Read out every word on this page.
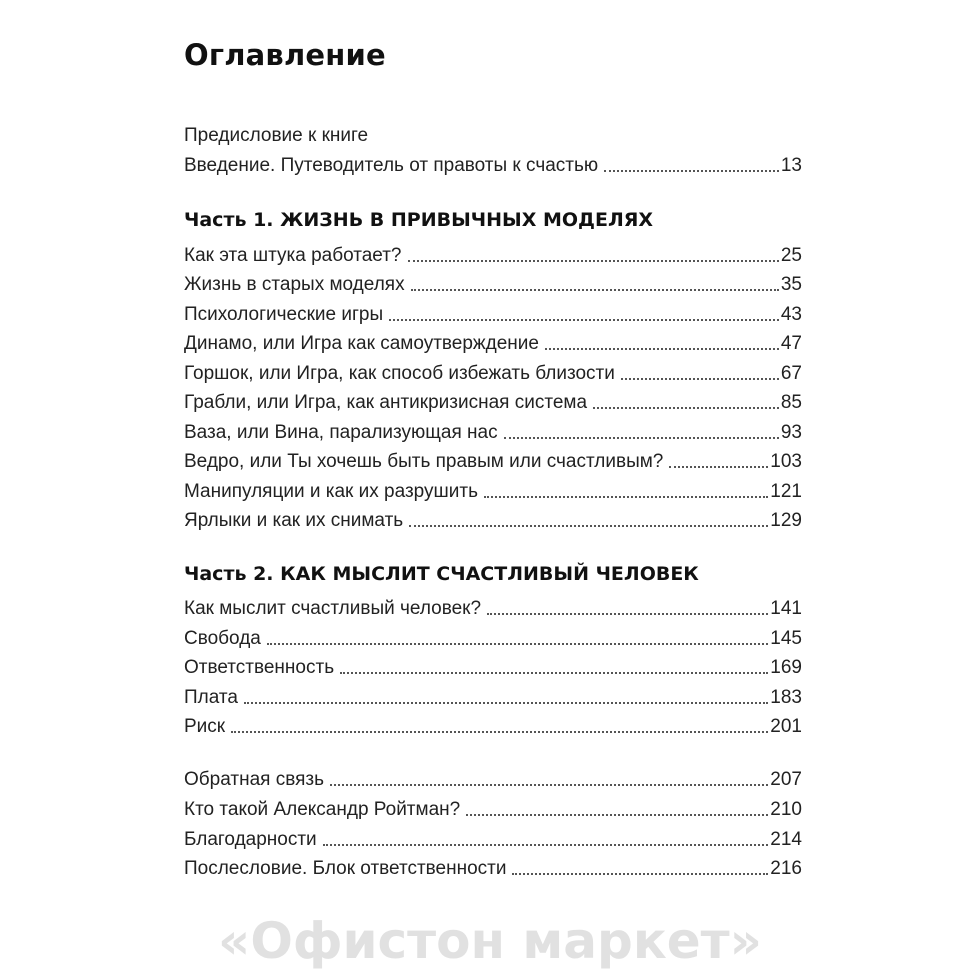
Оглавление
Предисловие к книге
Введение. Путеводитель от правоты к счастью	13
Часть 1. ЖИЗНЬ В ПРИВЫЧНЫХ МОДЕЛЯХ
Как эта штука работает?	25
Жизнь в старых моделях	35
Психологические игры	43
Динамо, или Игра как самоутверждение	47
Горшок, или Игра, как способ избежать близости	67
Грабли, или Игра, как антикризисная система	85
Ваза, или Вина, парализующая нас	93
Ведро, или Ты хочешь быть правым или счастливым?	103
Манипуляции и как их разрушить	121
Ярлыки и как их снимать	129
Часть 2. КАК МЫСЛИТ СЧАСТЛИВЫЙ ЧЕЛОВЕК
Как мыслит счастливый человек?	141
Свобода	145
Ответственность	169
Плата	183
Риск	201
Обратная связь	207
Кто такой Александр Ройтман?	210
Благодарности	214
Послесловие. Блок ответственности	216
«Офистон маркет»
